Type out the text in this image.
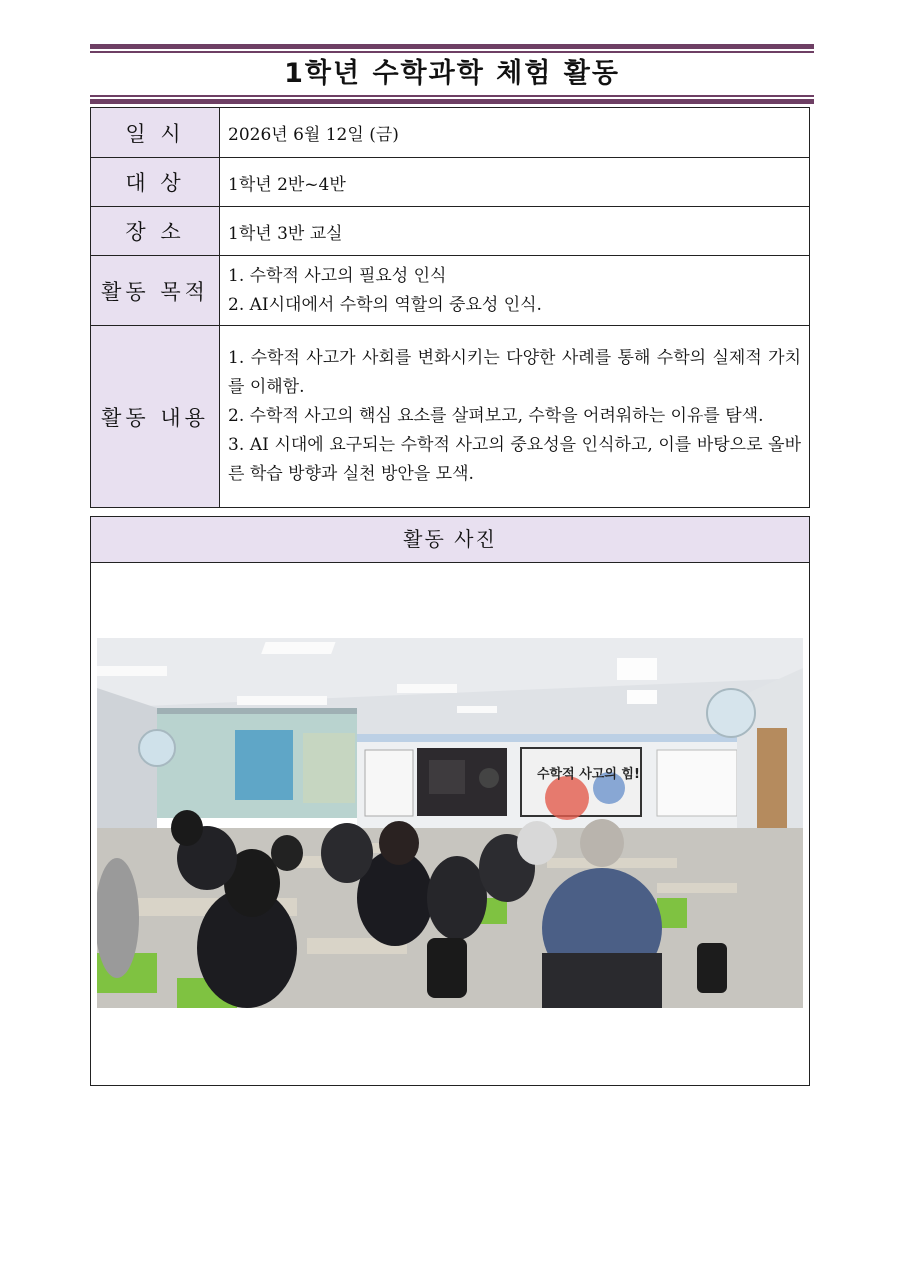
1학년 수학과학 체험 활동
일 시	2026년 6월 12일 (금)
대 상	1학년 2반~4반
장 소	1학년 3반 교실
활동 목적	1. 수학적 사고의 필요성 인식
2. AI시대에서 수학의 역할의 중요성 인식.

활동 내용	1. 수학적 사고가 사회를 변화시키는 다양한 사례를 통해 수학의 실제적 가치를 이해함.
2. 수학적 사고의 핵심 요소를 살펴보고, 수학을 어려워하는 이유를 탐색.
3. AI 시대에 요구되는 수학적 사고의 중요성을 인식하고, 이를 바탕으로 올바른 학습 방향과 실천 방안을 모색.
활동 사진
수학적 사고의 힘!
